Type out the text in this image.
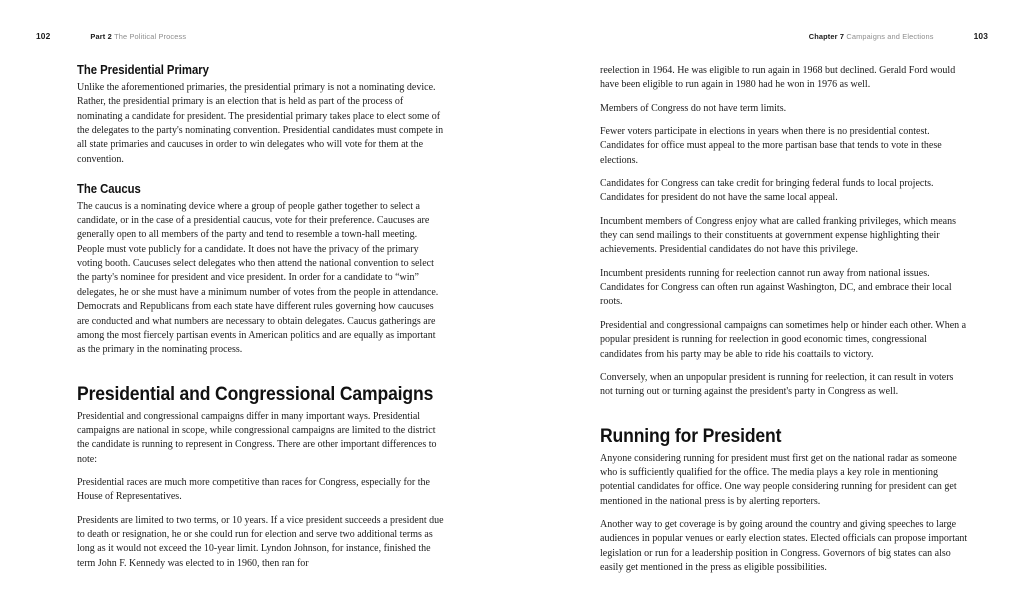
102	Part 2 The Political Process	Chapter 7 Campaigns and Elections	103
The Presidential Primary

Unlike the aforementioned primaries, the presidential primary is not a nominating device. Rather, the presidential primary is an election that is held as part of the process of nominating a candidate for president. The presidential primary takes place to elect some of the delegates to the party's nominating convention. Presidential candidates must compete in all state primaries and caucuses in order to win delegates who will vote for them at the convention.

The Caucus

The caucus is a nominating device where a group of people gather together to select a candidate, or in the case of a presidential caucus, vote for their preference. Caucuses are generally open to all members of the party and tend to resemble a town-hall meeting. People must vote publicly for a candidate. It does not have the privacy of the primary voting booth. Caucuses select delegates who then attend the national convention to select the party's nominee for president and vice president. In order for a candidate to “win” delegates, he or she must have a minimum number of votes from the people in attendance. Democrats and Republicans from each state have different rules governing how caucuses are conducted and what numbers are necessary to obtain delegates. Caucus gatherings are among the most fiercely partisan events in American politics and are equally as important as the primary in the nominating process.

Presidential and Congressional Campaigns

Presidential and congressional campaigns differ in many important ways. Presidential campaigns are national in scope, while congressional campaigns are limited to the district the candidate is running to represent in Congress. There are other important differences to note:

Presidential races are much more competitive than races for Congress, especially for the House of Representatives.

Presidents are limited to two terms, or 10 years. If a vice president succeeds a president due to death or resignation, he or she could run for election and serve two additional terms as long as it would not exceed the 10-year limit. Lyndon Johnson, for instance, finished the term John F. Kennedy was elected to in 1960, then ran for

reelection in 1964. He was eligible to run again in 1968 but declined. Gerald Ford would have been eligible to run again in 1980 had he won in 1976 as well.

Members of Congress do not have term limits.

Fewer voters participate in elections in years when there is no presidential contest. Candidates for office must appeal to the more partisan base that tends to vote in these elections.

Candidates for Congress can take credit for bringing federal funds to local projects. Candidates for president do not have the same local appeal.

Incumbent members of Congress enjoy what are called franking privileges, which means they can send mailings to their constituents at government expense highlighting their achievements. Presidential candidates do not have this privilege.

Incumbent presidents running for reelection cannot run away from national issues. Candidates for Congress can often run against Washington, DC, and embrace their local roots.

Presidential and congressional campaigns can sometimes help or hinder each other. When a popular president is running for reelection in good economic times, congressional candidates from his party may be able to ride his coattails to victory.

Conversely, when an unpopular president is running for reelection, it can result in voters not turning out or turning against the president's party in Congress as well.

Running for President

Anyone considering running for president must first get on the national radar as someone who is sufficiently qualified for the office. The media plays a key role in mentioning potential candidates for office. One way people considering running for president can get mentioned in the national press is by alerting reporters.

Another way to get coverage is by going around the country and giving speeches to large audiences in popular venues or early election states. Elected officials can propose important legislation or run for a leadership position in Congress. Governors of big states can also easily get mentioned in the press as eligible possibilities.
